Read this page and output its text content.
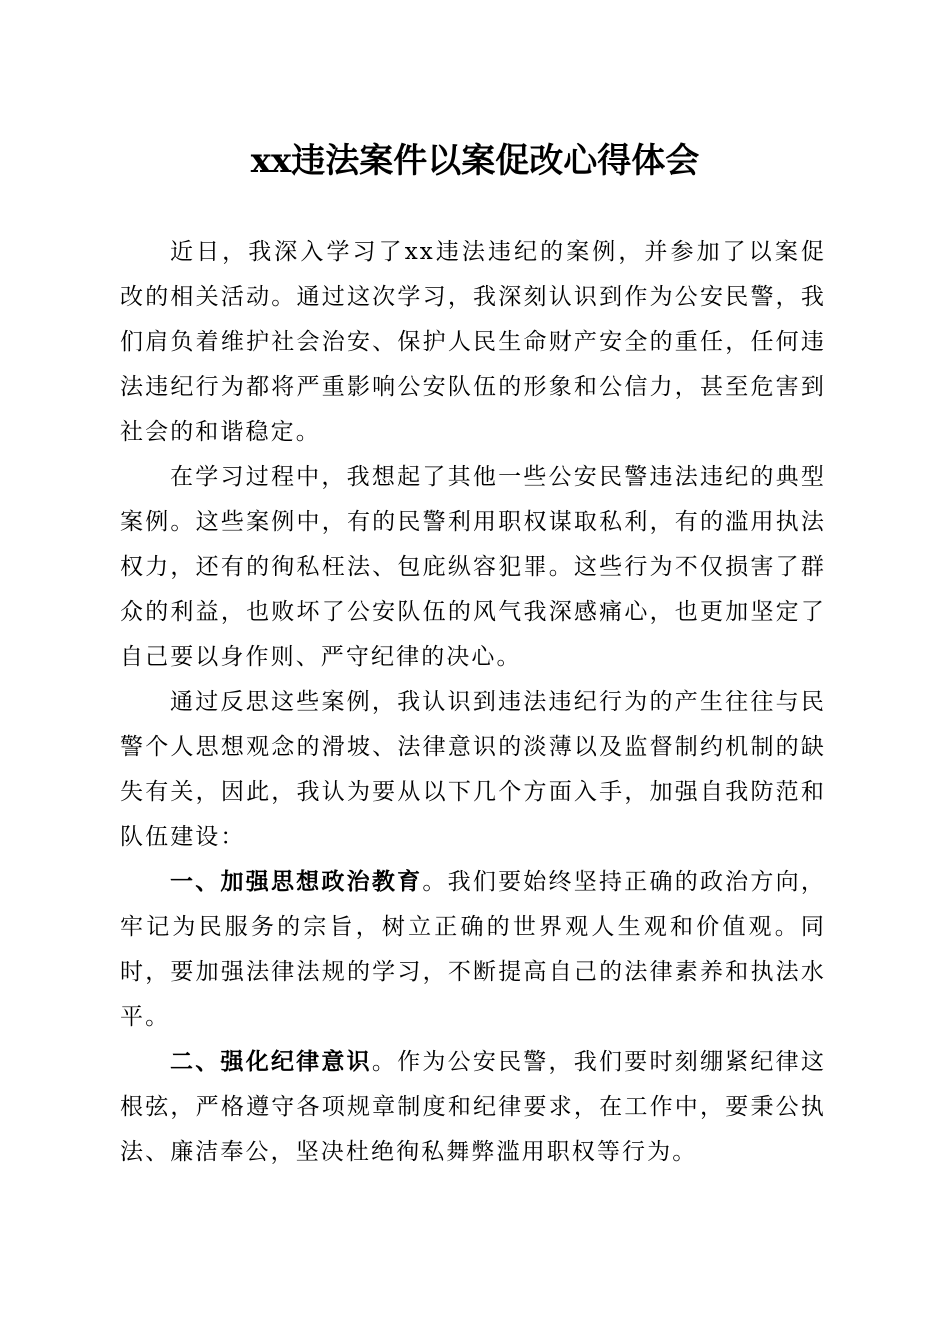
xx违法案件以案促改心得体会

近日，我深入学习了xx违法违纪的案例，并参加了以案促改的相关活动。通过这次学习，我深刻认识到作为公安民警，我们肩负着维护社会治安、保护人民生命财产安全的重任，任何违法违纪行为都将严重影响公安队伍的形象和公信力，甚至危害到社会的和谐稳定。

在学习过程中，我想起了其他一些公安民警违法违纪的典型案例。这些案例中，有的民警利用职权谋取私利，有的滥用执法权力，还有的徇私枉法、包庇纵容犯罪。这些行为不仅损害了群众的利益，也败坏了公安队伍的风气我深感痛心，也更加坚定了自己要以身作则、严守纪律的决心。

通过反思这些案例，我认识到违法违纪行为的产生往往与民警个人思想观念的滑坡、法律意识的淡薄以及监督制约机制的缺失有关，因此，我认为要从以下几个方面入手，加强自我防范和队伍建设：

一、加强思想政治教育。我们要始终坚持正确的政治方向，牢记为民服务的宗旨，树立正确的世界观人生观和价值观。同时，要加强法律法规的学习，不断提高自己的法律素养和执法水平。

二、强化纪律意识。作为公安民警，我们要时刻绷紧纪律这根弦，严格遵守各项规章制度和纪律要求，在工作中，要秉公执法、廉洁奉公，坚决杜绝徇私舞弊滥用职权等行为。
